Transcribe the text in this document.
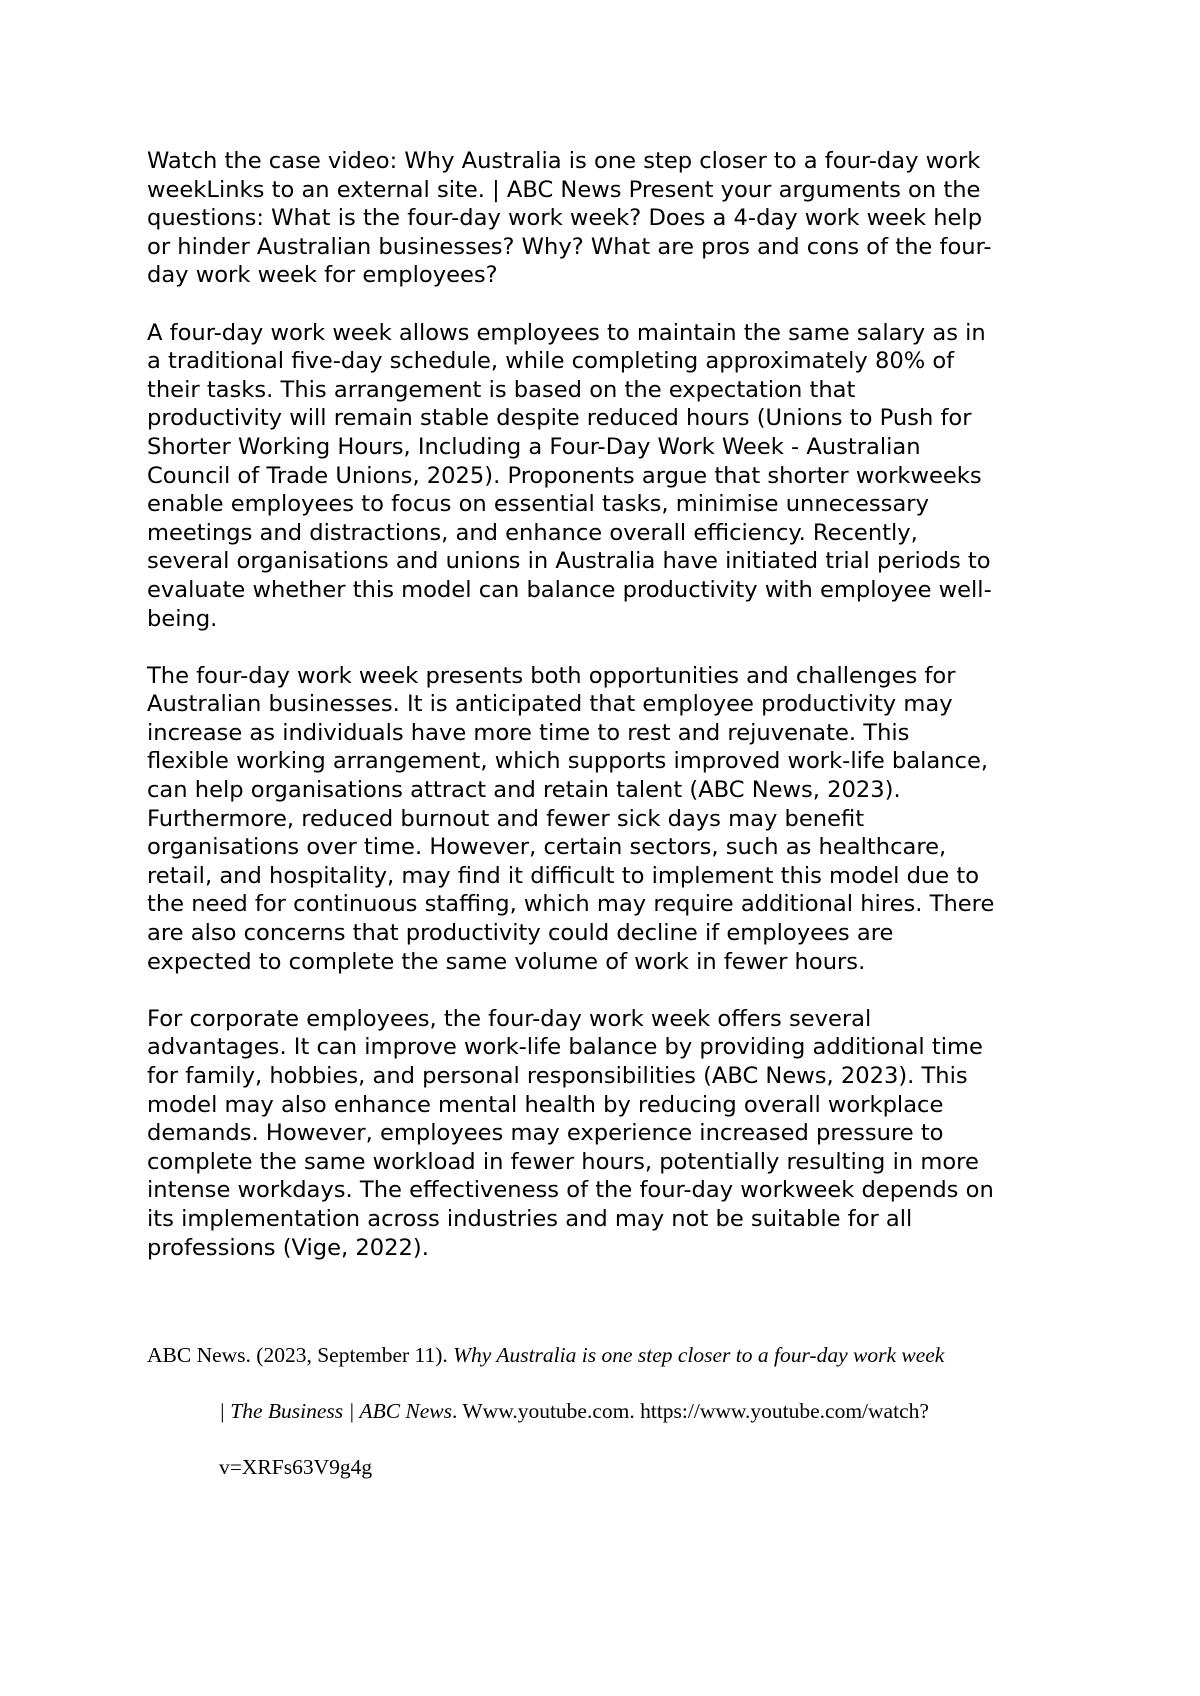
Watch the case video: Why Australia is one step closer to a four-day work
weekLinks to an external site. | ABC News Present your arguments on the
questions: What is the four-day work week? Does a 4-day work week help
or hinder Australian businesses? Why? What are pros and cons of the four-
day work week for employees?

A four-day work week allows employees to maintain the same salary as in
a traditional five-day schedule, while completing approximately 80% of
their tasks. This arrangement is based on the expectation that
productivity will remain stable despite reduced hours (Unions to Push for
Shorter Working Hours, Including a Four-Day Work Week - Australian
Council of Trade Unions, 2025). Proponents argue that shorter workweeks
enable employees to focus on essential tasks, minimise unnecessary
meetings and distractions, and enhance overall efficiency. Recently,
several organisations and unions in Australia have initiated trial periods to
evaluate whether this model can balance productivity with employee well-
being.

The four-day work week presents both opportunities and challenges for
Australian businesses. It is anticipated that employee productivity may
increase as individuals have more time to rest and rejuvenate. This
flexible working arrangement, which supports improved work-life balance,
can help organisations attract and retain talent (ABC News, 2023).
Furthermore, reduced burnout and fewer sick days may benefit
organisations over time. However, certain sectors, such as healthcare,
retail, and hospitality, may find it difficult to implement this model due to
the need for continuous staffing, which may require additional hires. There
are also concerns that productivity could decline if employees are
expected to complete the same volume of work in fewer hours.

For corporate employees, the four-day work week offers several
advantages. It can improve work-life balance by providing additional time
for family, hobbies, and personal responsibilities (ABC News, 2023). This
model may also enhance mental health by reducing overall workplace
demands. However, employees may experience increased pressure to
complete the same workload in fewer hours, potentially resulting in more
intense workdays. The effectiveness of the four-day workweek depends on
its implementation across industries and may not be suitable for all
professions (Vige, 2022).

ABC News. (2023, September 11). Why Australia is one step closer to a four-day work week
| The Business | ABC News. Www.youtube.com. https://www.youtube.com/watch?
v=XRFs63V9g4g
